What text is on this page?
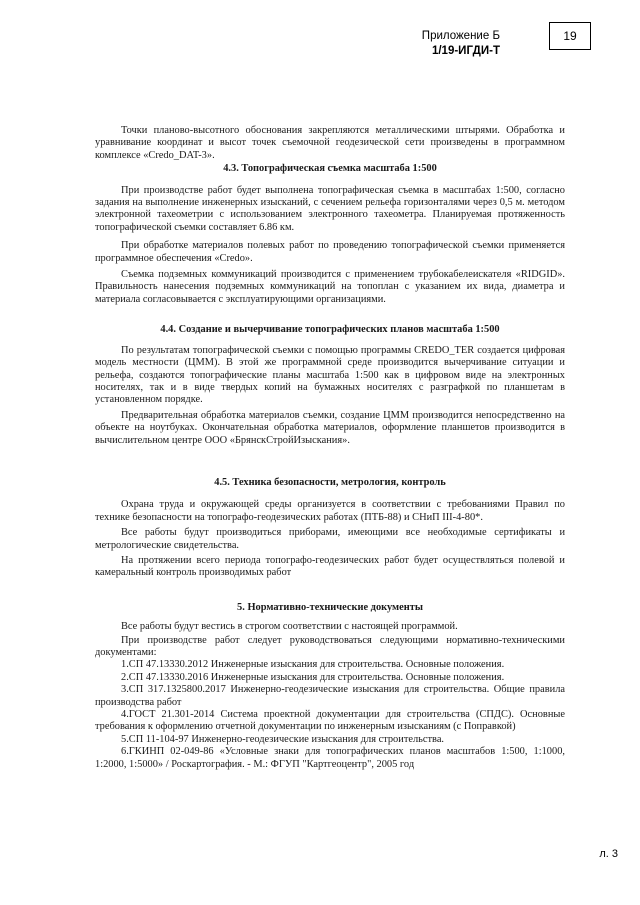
Приложение Б
1/19-ИГДИ-Т
19

Точки планово-высотного обоснования закрепляются металлическими штырями. Обработка и уравнивание координат и высот точек съемочной геодезической сети произведены в программном комплексе «Credo_DAT-3».

4.3. Топографическая съемка масштаба 1:500

При производстве работ будет выполнена топографическая съемка в масштабах 1:500, согласно задания на выполнение инженерных изысканий, с сечением рельефа горизонталями через 0,5 м. методом электронной тахеометрии с использованием электронного тахеометра. Планируемая протяженность топографической съемки составляет 6.86 км.

При обработке материалов полевых работ по проведению топографической съемки применяется программное обеспечения «Credo».

Съемка подземных коммуникаций производится с применением трубокабелеискателя «RIDGID». Правильность нанесения подземных коммуникаций на топоплан с указанием их вида, диаметра и материала согласовывается с эксплуатирующими организациями.

4.4. Создание и вычерчивание топографических планов масштаба 1:500

По результатам топографической съемки с помощью программы CREDO_TER создается цифровая модель местности (ЦММ). В этой же программной среде производится вычерчивание ситуации и рельефа, создаются топографические планы масштаба 1:500 как в цифровом виде на электронных носителях, так и в виде твердых копий на бумажных носителях с разграфкой по планшетам в установленном порядке.

Предварительная обработка материалов съемки, создание ЦММ производится непосредственно на объекте на ноутбуках. Окончательная обработка материалов, оформление планшетов производится в вычислительном центре ООО «БрянскСтройИзыскания».

4.5. Техника безопасности, метрология, контроль

Охрана труда и окружающей среды организуется в соответствии с требованиями Правил по технике безопасности на топографо-геодезических работах (ПТБ-88) и СНиП III-4-80*.

Все работы будут производиться приборами, имеющими все необходимые сертификаты и метрологические свидетельства.

На протяжении всего периода топографо-геодезических работ будет осуществляться полевой и камеральный контроль производимых работ

5. Нормативно-технические документы

Все работы будут вестись в строгом соответствии с настоящей программой.

При производстве работ следует руководствоваться следующими нормативно-техническими документами:

1.СП 47.13330.2012 Инженерные изыскания для строительства. Основные положения.

2.СП 47.13330.2016 Инженерные изыскания для строительства. Основные положения.

3.СП 317.1325800.2017 Инженерно-геодезические изыскания для строительства. Общие правила производства работ

4.ГОСТ 21.301-2014 Система проектной документации для строительства (СПДС). Основные требования к оформлению отчетной документации по инженерным изысканиям (с Поправкой)

5.СП 11-104-97 Инженерно-геодезические изыскания для строительства.

6.ГКИНП 02-049-86 «Условные знаки для топографических планов масштабов 1:500, 1:1000, 1:2000, 1:5000» / Роскартография. - М.: ФГУП "Картгеоцентр", 2005 год

л. 3
